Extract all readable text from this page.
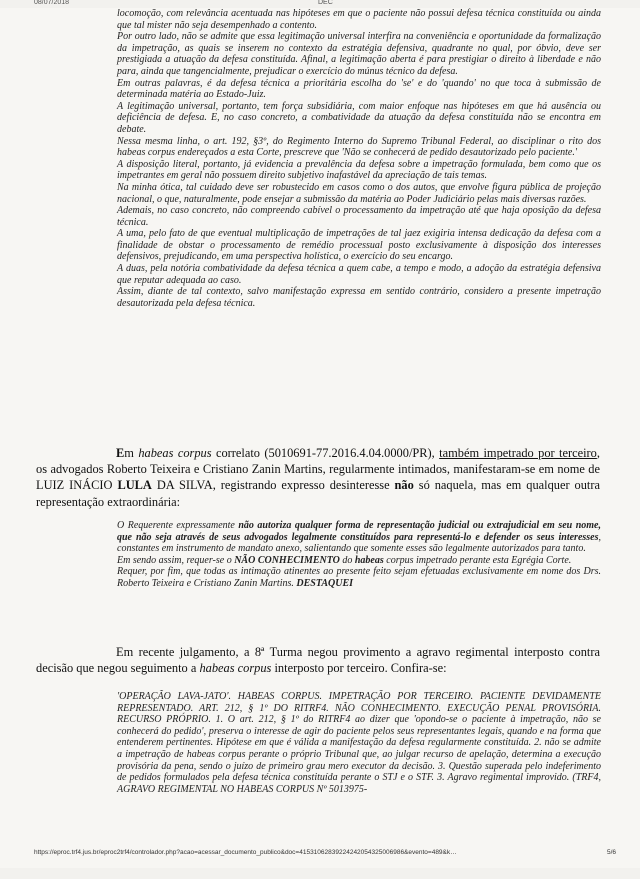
08/07/2018	DEC

locomoção, com relevância acentuada nas hipóteses em que o paciente não possui defesa técnica constituída ou ainda que tal mister não seja desempenhado a contento.

Por outro lado, não se admite que essa legitimação universal interfira na conveniência e oportunidade da formalização da impetração, as quais se inserem no contexto da estratégia defensiva, quadrante no qual, por óbvio, deve ser prestigiada a atuação da defesa constituída. Afinal, a legitimação aberta é para prestigiar o direito à liberdade e não para, ainda que tangencialmente, prejudicar o exercício do múnus técnico da defesa.

Em outras palavras, é da defesa técnica a prioritária escolha do 'se' e do 'quando' no que toca à submissão de determinada matéria ao Estado-Juiz.

A legitimação universal, portanto, tem força subsidiária, com maior enfoque nas hipóteses em que há ausência ou deficiência de defesa. E, no caso concreto, a combatividade da atuação da defesa constituída não se encontra em debate.

Nessa mesma linha, o art. 192, §3º, do Regimento Interno do Supremo Tribunal Federal, ao disciplinar o rito dos habeas corpus endereçados a esta Corte, prescreve que 'Não se conhecerá de pedido desautorizado pelo paciente.'

A disposição literal, portanto, já evidencia a prevalência da defesa sobre a impetração formulada, bem como que os impetrantes em geral não possuem direito subjetivo inafastável da apreciação de tais temas.

Na minha ótica, tal cuidado deve ser robustecido em casos como o dos autos, que envolve figura pública de projeção nacional, o que, naturalmente, pode ensejar a submissão da matéria ao Poder Judiciário pelas mais diversas razões.

Ademais, no caso concreto, não compreendo cabível o processamento da impetração até que haja oposição da defesa técnica.

A uma, pelo fato de que eventual multiplicação de impetrações de tal jaez exigiria intensa dedicação da defesa com a finalidade de obstar o processamento de remédio processual posto exclusivamente à disposição dos interesses defensivos, prejudicando, em uma perspectiva holística, o exercício do seu encargo.

A duas, pela notória combatividade da defesa técnica a quem cabe, a tempo e modo, a adoção da estratégia defensiva que reputar adequada ao caso.

Assim, diante de tal contexto, salvo manifestação expressa em sentido contrário, considero a presente impetração desautorizada pela defesa técnica.

Em habeas corpus correlato (5010691-77.2016.4.04.0000/PR), também impetrado por terceiro, os advogados Roberto Teixeira e Cristiano Zanin Martins, regularmente intimados, manifestaram-se em nome de LUIZ INÁCIO LULA DA SILVA, registrando expresso desinteresse não só naquela, mas em qualquer outra representação extraordinária:

O Requerente expressamente não autoriza qualquer forma de representação judicial ou extrajudicial em seu nome, que não seja através de seus advogados legalmente constituídos para representá-lo e defender os seus interesses, constantes em instrumento de mandato anexo, salientando que somente esses são legalmente autorizados para tanto.

Em sendo assim, requer-se o NÃO CONHECIMENTO do habeas corpus impetrado perante esta Egrégia Corte.

Requer, por fim, que todas as intimação atinentes ao presente feito sejam efetuadas exclusivamente em nome dos Drs. Roberto Teixeira e Cristiano Zanin Martins. DESTAQUEI

Em recente julgamento, a 8ª Turma negou provimento a agravo regimental interposto contra decisão que negou seguimento a habeas corpus interposto por terceiro. Confira-se:

'OPERAÇÃO LAVA-JATO'. HABEAS CORPUS. IMPETRAÇÃO POR TERCEIRO. PACIENTE DEVIDAMENTE REPRESENTADO. ART. 212, § 1º DO RITRF4. NÃO CONHECIMENTO. EXECUÇÃO PENAL PROVISÓRIA. RECURSO PRÓPRIO. 1. O art. 212, § 1º do RITRF4 ao dizer que 'opondo-se o paciente à impetração, não se conhecerá do pedido', preserva o interesse de agir do paciente pelos seus representantes legais, quando e na forma que entenderem pertinentes. Hipótese em que é válida a manifestação da defesa regularmente constituída. 2. não se admite a impetração de habeas corpus perante o próprio Tribunal que, ao julgar recurso de apelação, determina a execução provisória da pena, sendo o juízo de primeiro grau mero executor da decisão. 3. Questão superada pelo indeferimento de pedidos formulados pela defesa técnica constituída perante o STJ e o STF. 3. Agravo regimental improvido. (TRF4, AGRAVO REGIMENTAL NO HABEAS CORPUS Nº 5013975-

https://eproc.trf4.jus.br/eproc2trf4/controlador.php?acao=acessar_documento_publico&doc=41531062839224242054325006986&evento=489&k…	5/6
